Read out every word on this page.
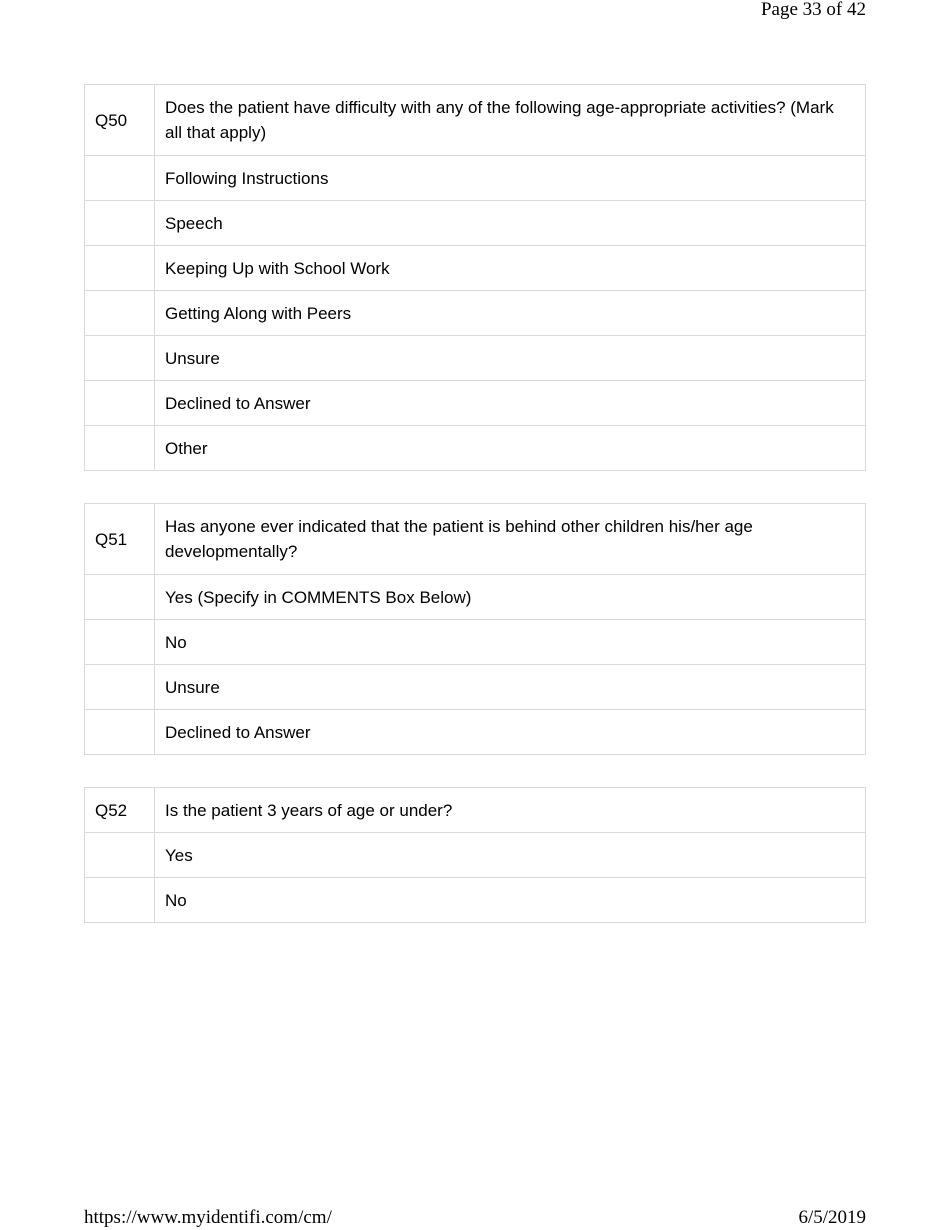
Page 33 of 42
Q50	Does the patient have difficulty with any of the following age-appropriate activities? (Mark all that apply)
	Following Instructions
	Speech
	Keeping Up with School Work
	Getting Along with Peers
	Unsure
	Declined to Answer
	Other
Q51	Has anyone ever indicated that the patient is behind other children his/her age developmentally?
	Yes (Specify in COMMENTS Box Below)
	No
	Unsure
	Declined to Answer
Q52	Is the patient 3 years of age or under?
	Yes
	No
https://www.myidentifi.com/cm/	6/5/2019
